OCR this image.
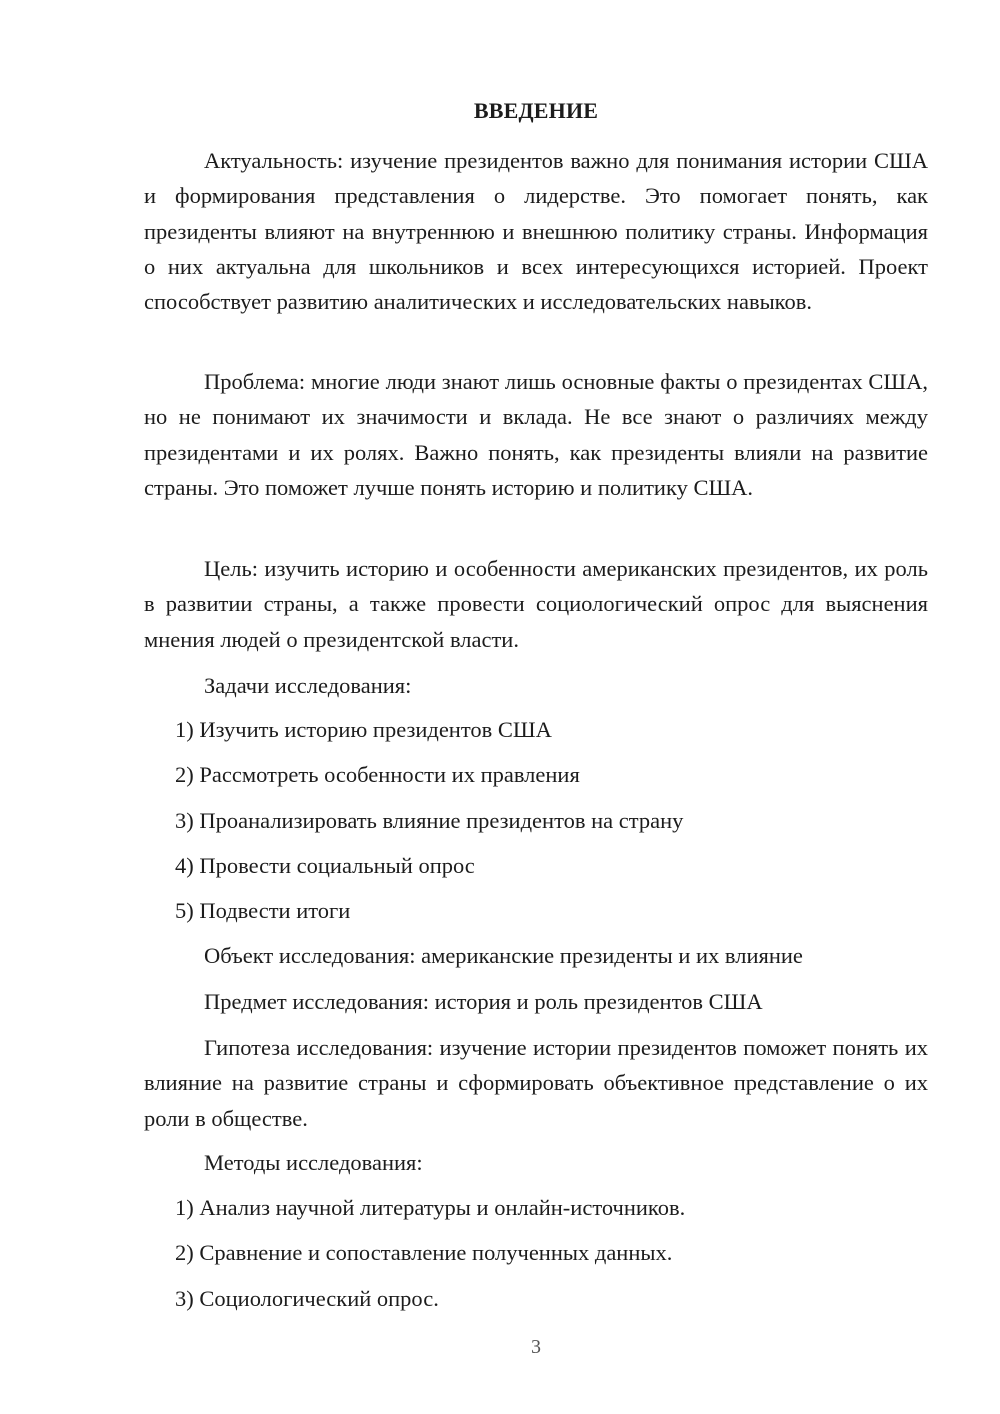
ВВЕДЕНИЕ

Актуальность: изучение президентов важно для понимания истории США и формирования представления о лидерстве. Это помогает понять, как президенты влияют на внутреннюю и внешнюю политику страны. Информация о них актуальна для школьников и всех интересующихся историей. Проект способствует развитию аналитических и исследовательских навыков.

Проблема: многие люди знают лишь основные факты о президентах США, но не понимают их значимости и вклада. Не все знают о различиях между президентами и их ролях. Важно понять, как президенты влияли на развитие страны. Это поможет лучше понять историю и политику США.

Цель: изучить историю и особенности американских президентов, их роль в развитии страны, а также провести социологический опрос для выяснения мнения людей о президентской власти.

Задачи исследования:

1) Изучить историю президентов США

2) Рассмотреть особенности их правления

3) Проанализировать влияние президентов на страну

4) Провести социальный опрос

5) Подвести итоги

Объект исследования: американские президенты и их влияние

Предмет исследования: история и роль президентов США

Гипотеза исследования: изучение истории президентов поможет понять их влияние на развитие страны и сформировать объективное представление о их роли в обществе.

Методы исследования:

1) Анализ научной литературы и онлайн-источников.

2) Сравнение и сопоставление полученных данных.

3) Социологический опрос.

3
